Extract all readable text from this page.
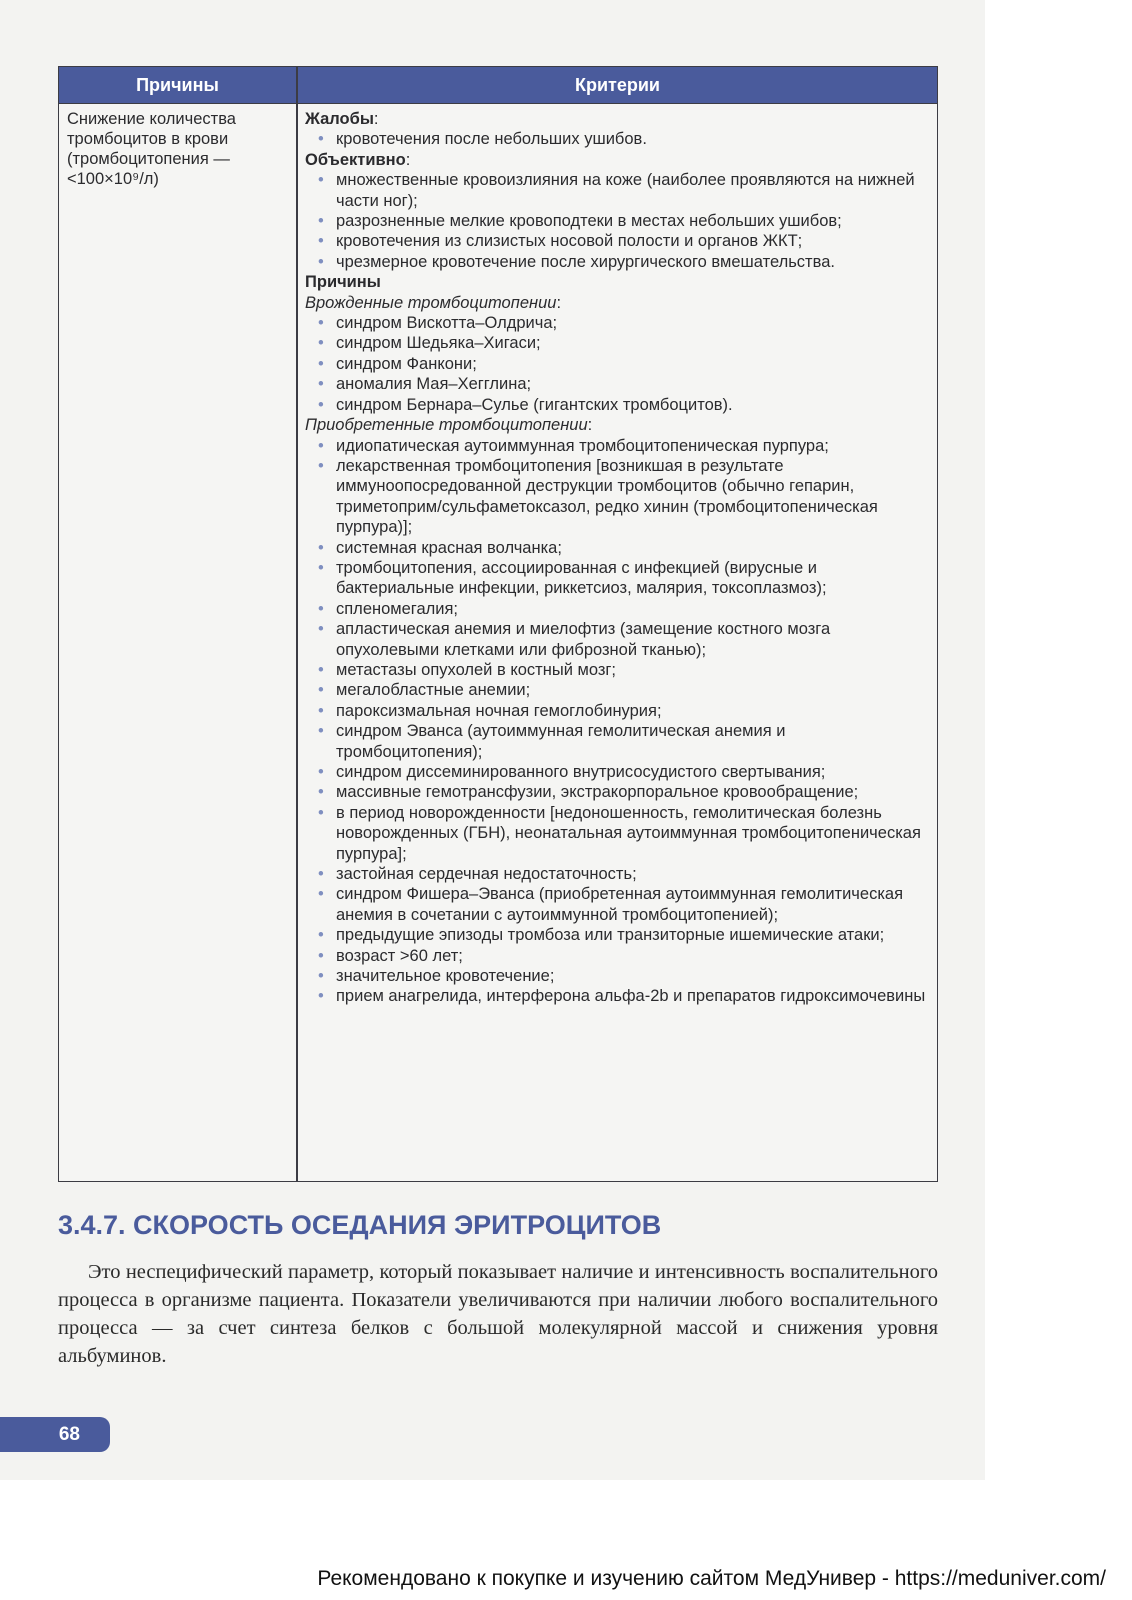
Причины	Критерии
Снижение количества
тромбоцитов в крови
(тромбоцитопения —
<100×10⁹/л)
Жалобы:
• кровотечения после небольших ушибов.
Объективно:
• множественные кровоизлияния на коже (наиболее проявляются на нижней части ног);
• разрозненные мелкие кровоподтеки в местах небольших ушибов;
• кровотечения из слизистых носовой полости и органов ЖКТ;
• чрезмерное кровотечение после хирургического вмешательства.
Причины
Врожденные тромбоцитопении:
• синдром Вискотта–Олдрича;
• синдром Шедьяка–Хигаси;
• синдром Фанкони;
• аномалия Мая–Хегглина;
• синдром Бернара–Сулье (гигантских тромбоцитов).
Приобретенные тромбоцитопении:
• идиопатическая аутоиммунная тромбоцитопеническая пурпура;
• лекарственная тромбоцитопения [возникшая в результате иммуноопосредованной деструкции тромбоцитов (обычно гепарин, триметоприм/сульфаметоксазол, редко хинин (тромбоцитопеническая пурпура)];
• системная красная волчанка;
• тромбоцитопения, ассоциированная с инфекцией (вирусные и бактериальные инфекции, риккетсиоз, малярия, токсоплазмоз);
• спленомегалия;
• апластическая анемия и миелофтиз (замещение костного мозга опухолевыми клетками или фиброзной тканью);
• метастазы опухолей в костный мозг;
• мегалобластные анемии;
• пароксизмальная ночная гемоглобинурия;
• синдром Эванса (аутоиммунная гемолитическая анемия и тромбоцитопения);
• синдром диссеминированного внутрисосудистого свертывания;
• массивные гемотрансфузии, экстракорпоральное кровообращение;
• в период новорожденности [недоношенность, гемолитическая болезнь новорожденных (ГБН), неонатальная аутоиммунная тромбоцитопеническая пурпура];
• застойная сердечная недостаточность;
• синдром Фишера–Эванса (приобретенная аутоиммунная гемолитическая анемия в сочетании с аутоиммунной тромбоцитопенией);
• предыдущие эпизоды тромбоза или транзиторные ишемические атаки;
• возраст >60 лет;
• значительное кровотечение;
• прием анагрелида, интерферона альфа-2b и препаратов гидроксимочевины
3.4.7. СКОРОСТЬ ОСЕДАНИЯ ЭРИТРОЦИТОВ
Это неспецифический параметр, который показывает наличие и интенсивность воспалительного процесса в организме пациента. Показатели увеличиваются при наличии любого воспалительного процесса — за счет синтеза белков с большой молекулярной массой и снижения уровня альбуминов.
68
Рекомендовано к покупке и изучению сайтом МедУнивер - https://meduniver.com/
